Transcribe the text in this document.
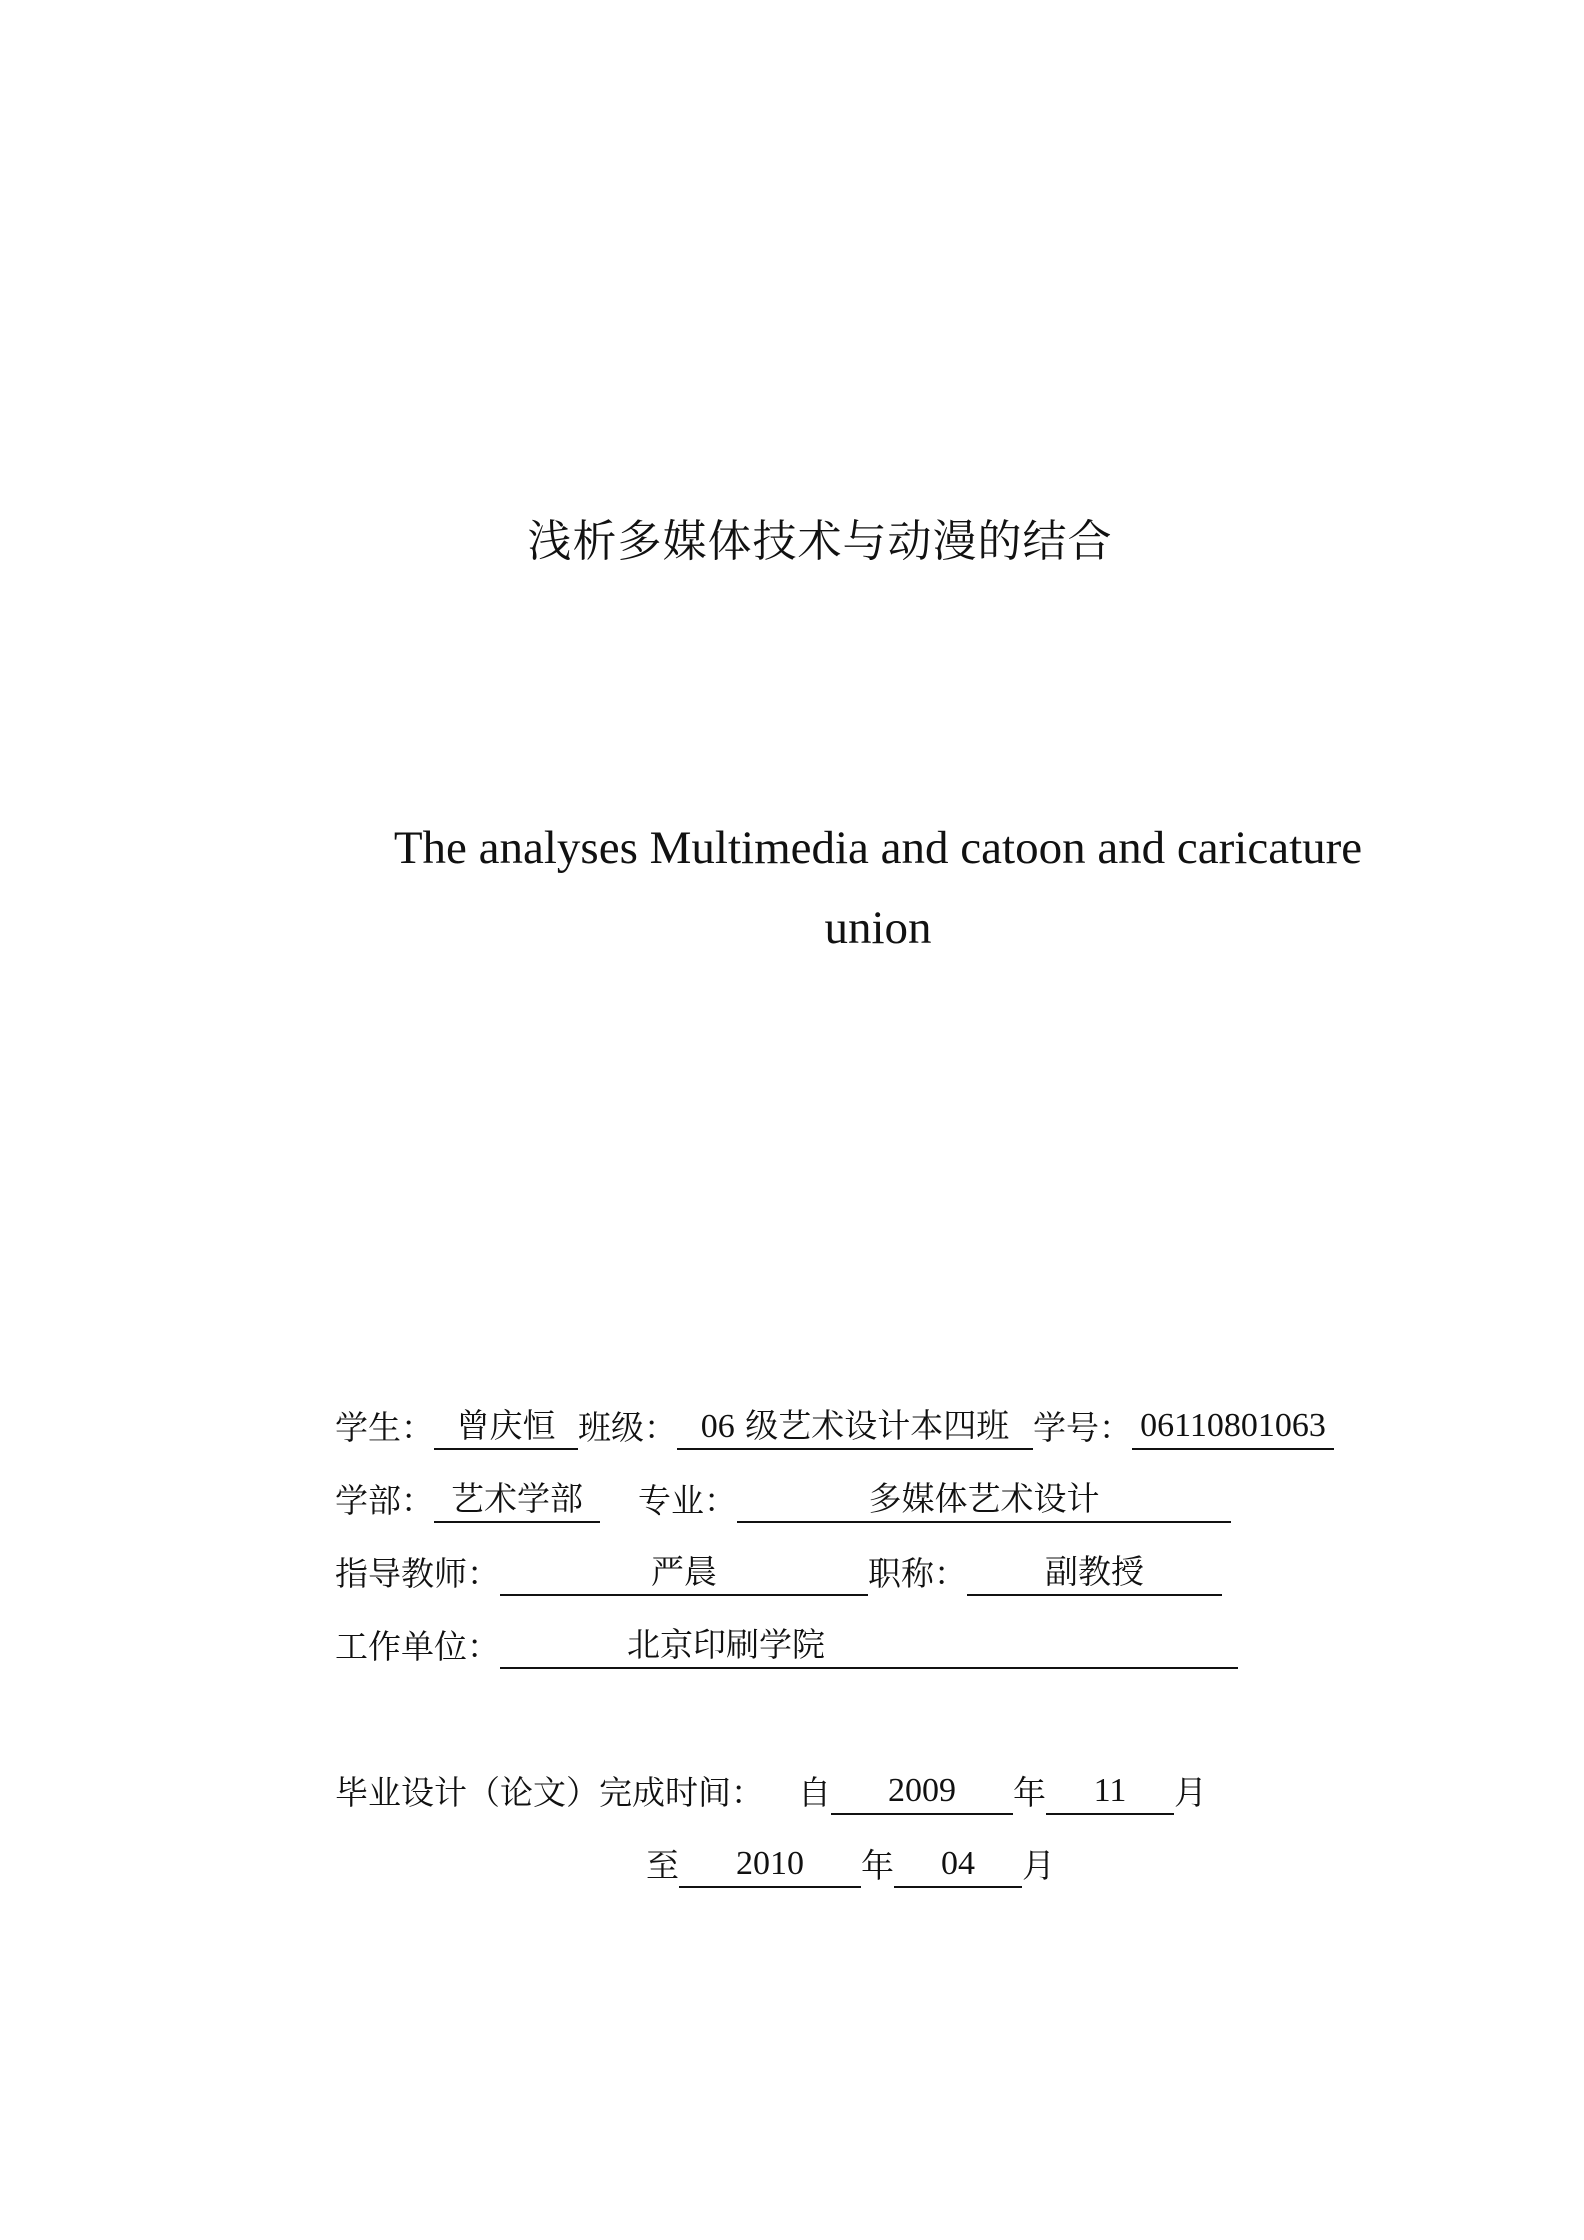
浅析多媒体技术与动漫的结合
The analyses Multimedia and catoon and caricature
union
学生： 曾庆恒 班级： 06 级艺术设计本四班 学号： 06110801063
学部： 艺术学部	专业：	多媒体艺术设计
指导教师：	严晨	职称：	副教授
工作单位：	北京印刷学院
毕业设计（论文）完成时间： 自	2009	年	11	月
至	2010	年	04	月
